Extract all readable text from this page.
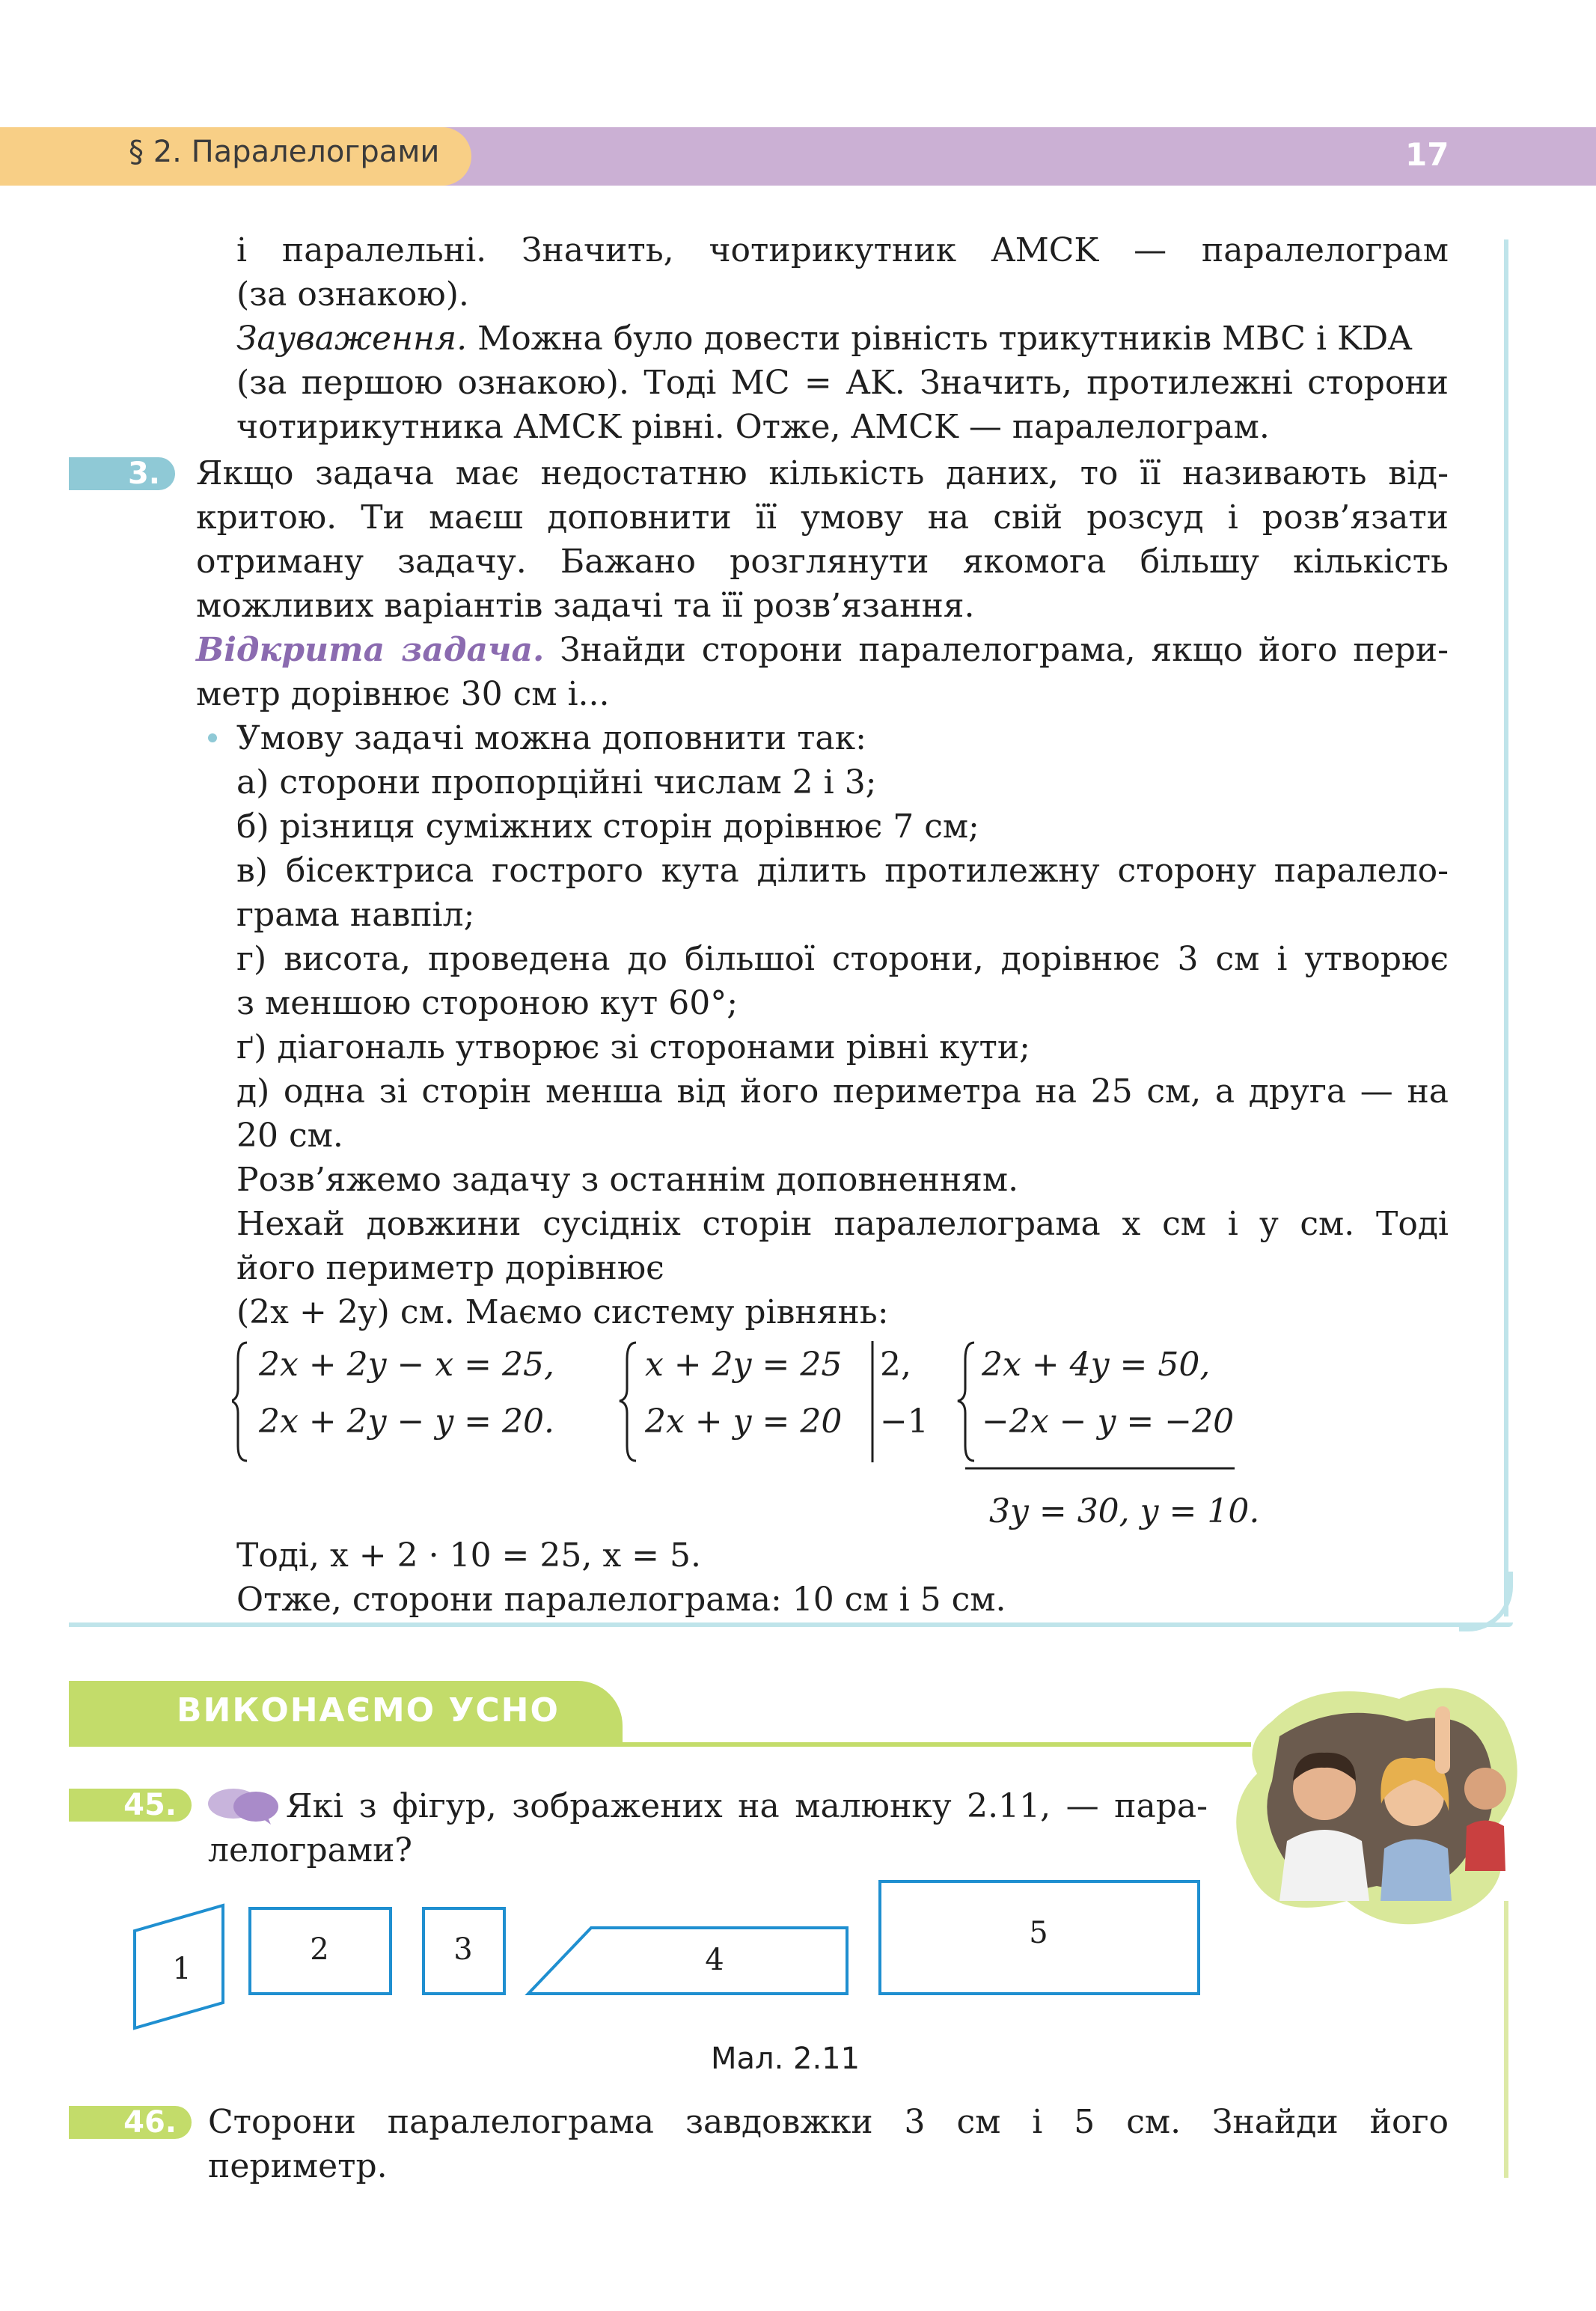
§ 2. Паралелограми	17
і паралельні. Значить, чотирикутник AMCK — паралелограм
(за ознакою).
Зауваження. Можна було довести рівність трикутників MBC і KDA
(за першою ознакою). Тоді MC = AK. Значить, протилежні сторони
чотирикутника AMCK рівні. Отже, AMCK — паралелограм.
3.	Якщо задача має недостатню кількість даних, то її називають від-
критою. Ти маєш доповнити її умову на свій розсуд і розв’язати
отриману задачу. Бажано розглянути якомога більшу кількість
можливих варіантів задачі та її розв’язання.
Відкрита задача. Знайди сторони паралелограма, якщо його пери-
метр дорівнює 30 см і...
Умову задачі можна доповнити так:
а) сторони пропорційні числам 2 і 3;
б) різниця суміжних сторін дорівнює 7 см;
в) бісектриса гострого кута ділить протилежну сторону паралело-
грама навпіл;
г) висота, проведена до більшої сторони, дорівнює 3 см і утворює
з меншою стороною кут 60°;
ґ) діагональ утворює зі сторонами рівні кути;
д) одна зі сторін менша від його периметра на 25 см, а друга — на
20 см.
Розв’яжемо задачу з останнім доповненням.
Нехай довжини сусідніх сторін паралелограма x см і y см. Тоді
його периметр дорівнює
(2x + 2y) см. Маємо систему рівнянь:
2x + 2y − x = 25,
2x + 2y − y = 20.
x + 2y = 25
2x + y = 20
2,
−1
2x + 4y = 50,
−2x − y = −20
3y = 30, y = 10.
Тоді, x + 2 · 10 = 25, x = 5.
Отже, сторони паралелограма: 10 см і 5 см.
ВИКОНАЄМО УСНО
45.	Які з фігур, зображених на малюнку 2.11, — пара-
лелограми?
1
2	3	4
5
Мал. 2.11
46. Сторони паралелограма завдовжки 3 см і 5 см. Знайди його
периметр.
